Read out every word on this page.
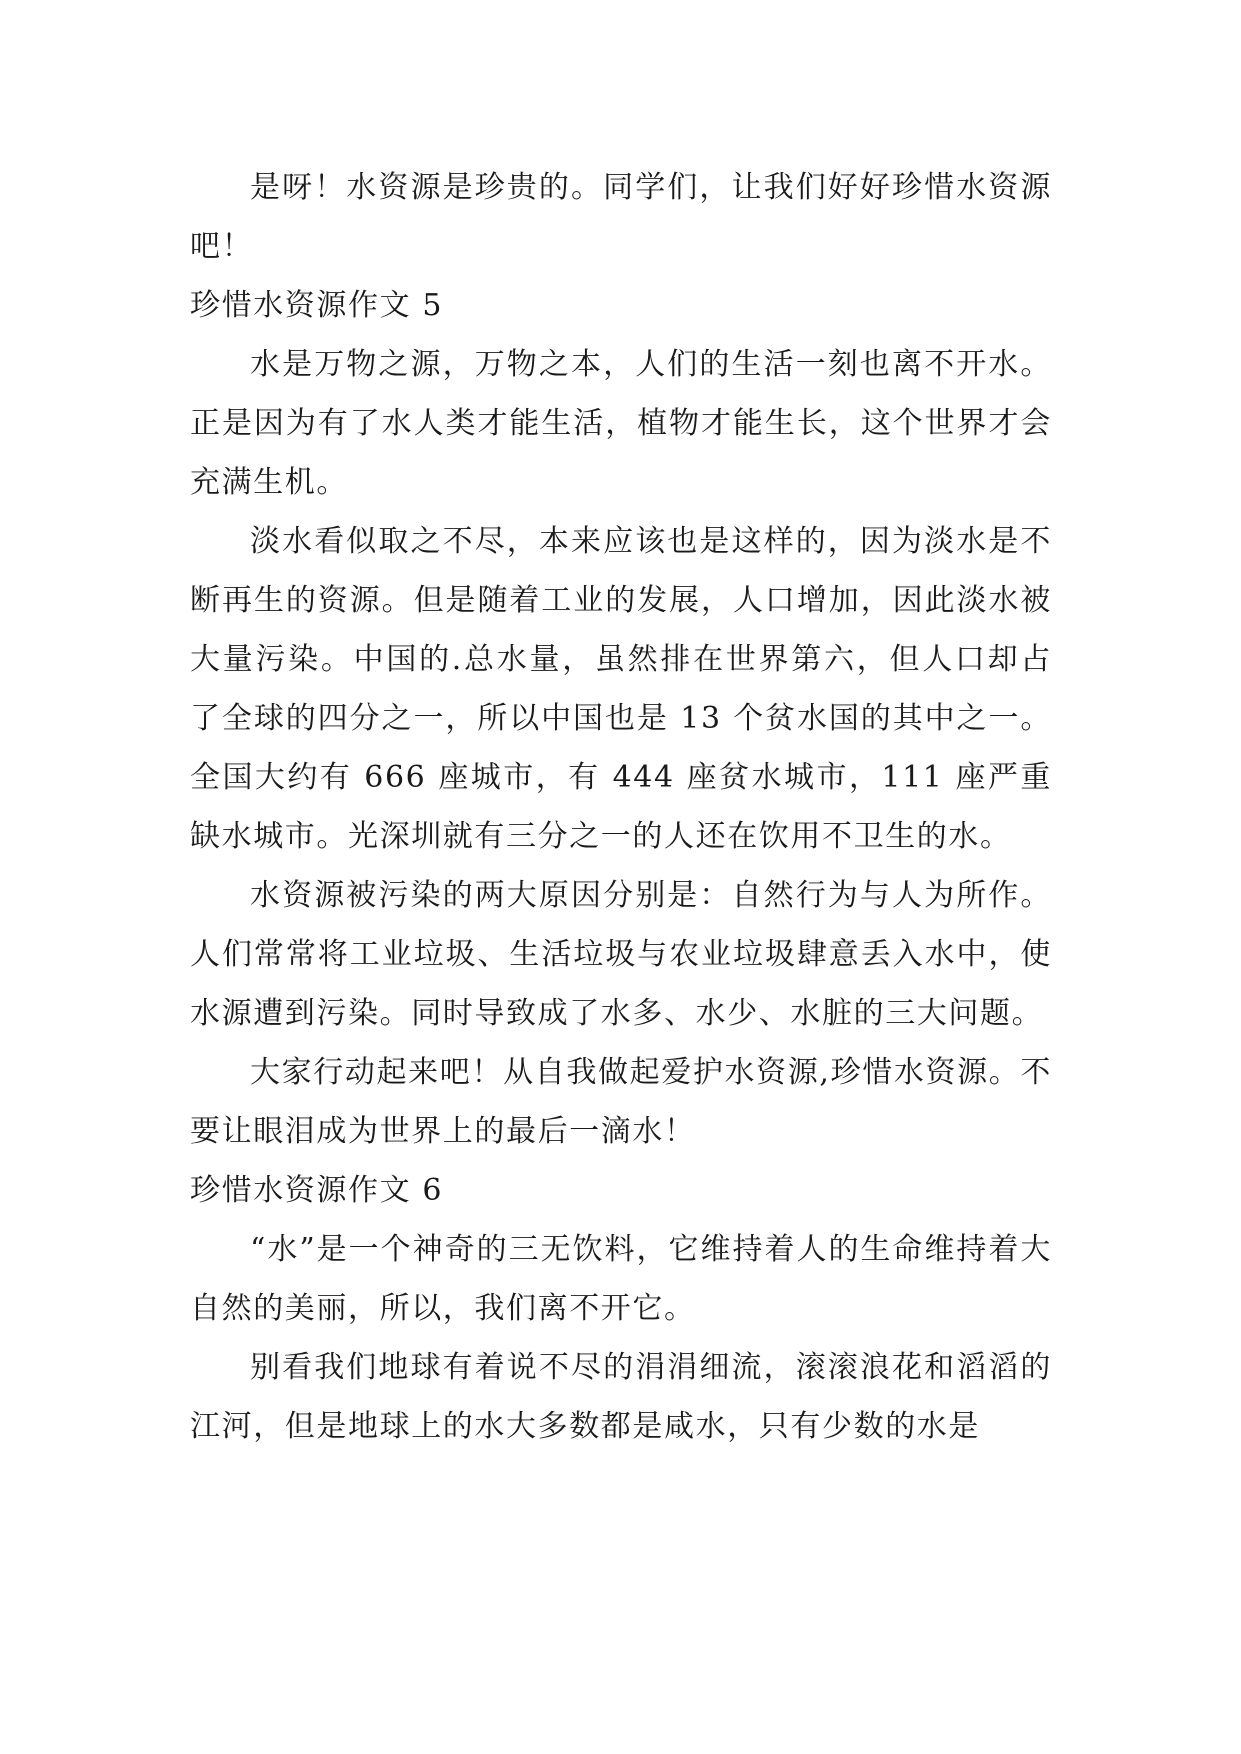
是呀！水资源是珍贵的。同学们，让我们好好珍惜水资源吧！

珍惜水资源作文 5

水是万物之源，万物之本，人们的生活一刻也离不开水。正是因为有了水人类才能生活，植物才能生长，这个世界才会充满生机。

淡水看似取之不尽，本来应该也是这样的，因为淡水是不断再生的资源。但是随着工业的发展，人口增加，因此淡水被大量污染。中国的.总水量，虽然排在世界第六，但人口却占了全球的四分之一，所以中国也是 13 个贫水国的其中之一。 全国大约有 666 座城市，有 444 座贫水城市，111 座严重缺水城市。光深圳就有三分之一的人还在饮用不卫生的水。

水资源被污染的两大原因分别是：自然行为与人为所作。人们常常将工业垃圾、生活垃圾与农业垃圾肆意丢入水中，使水源遭到污染。同时导致成了水多、水少、水脏的三大问题。

大家行动起来吧！从自我做起爱护水资源,珍惜水资源。不要让眼泪成为世界上的最后一滴水！

珍惜水资源作文 6

“水”是一个神奇的三无饮料，它维持着人的生命维持着大自然的美丽，所以，我们离不开它。

别看我们地球有着说不尽的涓涓细流，滚滚浪花和滔滔的江河，但是地球上的水大多数都是咸水，只有少数的水是
